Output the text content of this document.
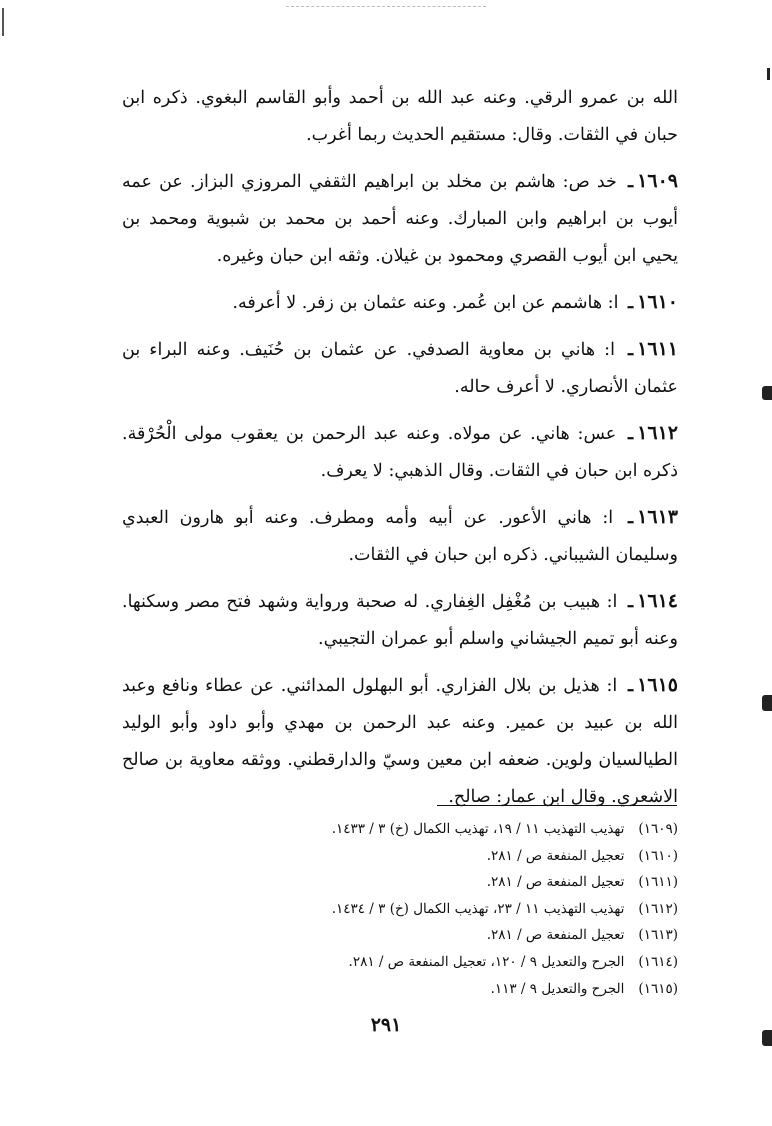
الله بن عمرو الرقي. وعنه عبد الله بن أحمد وأبو القاسم البغوي. ذكره ابن حبان في الثقات. وقال: مستقيم الحديث ربما أغرب.

١٦٠٩ـ خد ص: هاشم بن مخلد بن ابراهيم الثقفي المروزي البزاز. عن عمه أيوب بن ابراهيم وابن المبارك. وعنه أحمد بن محمد بن شبوية ومحمد بن يحيي ابن أيوب القصري ومحمود بن غيلان. وثقه ابن حبان وغيره.

١٦١٠ـ ا: هاشمم عن ابن عُمر. وعنه عثمان بن زفر. لا أعرفه.

١٦١١ـ ا: هاني بن معاوية الصدفي. عن عثمان بن حُنَيف. وعنه البراء بن عثمان الأنصاري. لا أعرف حاله.

١٦١٢ـ عس: هاني. عن مولاه. وعنه عبد الرحمن بن يعقوب مولى الْحُرْقة. ذكره ابن حبان في الثقات. وقال الذهبي: لا يعرف.

١٦١٣ـ ا: هاني الأعور. عن أبيه وأمه ومطرف. وعنه أبو هارون العبدي وسليمان الشيباني. ذكره ابن حبان في الثقات.

١٦١٤ـ ا: هبيب بن مُغْفِل الغِفاري. له صحبة ورواية وشهد فتح مصر وسكنها. وعنه أبو تميم الجيشاني واسلم أبو عمران التجيبي.

١٦١٥ـ ا: هذيل بن بلال الفزاري. أبو البهلول المدائني. عن عطاء ونافع وعبد الله بن عبيد بن عمير. وعنه عبد الرحمن بن مهدي وأبو داود وأبو الوليد الطيالسيان ولوين. ضعفه ابن معين وسيّ والدارقطني. ووثقه معاوية بن صالح الاشعري. وقال ابن عمار: صالح.

(١٦٠٩)تهذيب التهذيب ١١ / ١٩، تهذيب الكمال (خ) ٣ / ١٤٣٣.
(١٦١٠)تعجيل المنفعة ص / ٢٨١.
(١٦١١)تعجيل المنفعة ص / ٢٨١.
(١٦١٢)تهذيب التهذيب ١١ / ٢٣، تهذيب الكمال (خ) ٣ / ١٤٣٤.
(١٦١٣)تعجيل المنفعة ص / ٢٨١.
(١٦١٤)الجرح والتعديل ٩ / ١٢٠، تعجيل المنفعة ص / ٢٨١.
(١٦١٥)الجرح والتعديل ٩ / ١١٣.
٢٩١
